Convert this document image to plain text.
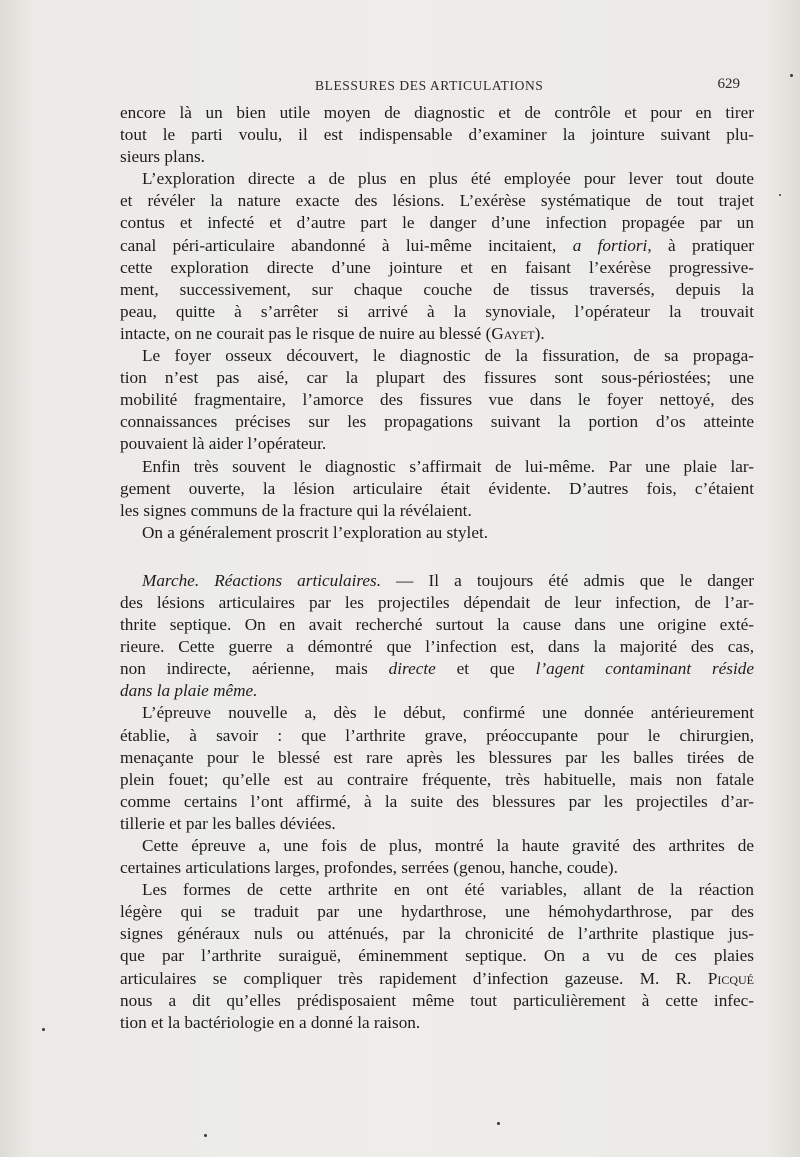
BLESSURES DES ARTICULATIONS	629
encore là un bien utile moyen de diagnostic et de contrôle et pour en tirer
tout le parti voulu, il est indispensable d’examiner la jointure suivant plu-
sieurs plans.
L’exploration directe a de plus en plus été employée pour lever tout doute
et révéler la nature exacte des lésions. L’exérèse systématique de tout trajet
contus et infecté et d’autre part le danger d’une infection propagée par un
canal péri-articulaire abandonné à lui-même incitaient, a fortiori, à pratiquer
cette exploration directe d’une jointure et en faisant l’exérèse progressive-
ment, successivement, sur chaque couche de tissus traversés, depuis la
peau, quitte à s’arrêter si arrivé à la synoviale, l’opérateur la trouvait
intacte, on ne courait pas le risque de nuire au blessé (Gayet).
Le foyer osseux découvert, le diagnostic de la fissuration, de sa propaga-
tion n’est pas aisé, car la plupart des fissures sont sous-périostées; une
mobilité fragmentaire, l’amorce des fissures vue dans le foyer nettoyé, des
connaissances précises sur les propagations suivant la portion d’os atteinte
pouvaient là aider l’opérateur.
Enfin très souvent le diagnostic s’affirmait de lui-même. Par une plaie lar-
gement ouverte, la lésion articulaire était évidente. D’autres fois, c’étaient
les signes communs de la fracture qui la révélaient.
On a généralement proscrit l’exploration au stylet.
Marche. Réactions articulaires. — Il a toujours été admis que le danger
des lésions articulaires par les projectiles dépendait de leur infection, de l’ar-
thrite septique. On en avait recherché surtout la cause dans une origine exté-
rieure. Cette guerre a démontré que l’infection est, dans la majorité des cas,
non indirecte, aérienne, mais directe et que l’agent contaminant réside
dans la plaie même.
L’épreuve nouvelle a, dès le début, confirmé une donnée antérieurement
établie, à savoir : que l’arthrite grave, préoccupante pour le chirurgien,
menaçante pour le blessé est rare après les blessures par les balles tirées de
plein fouet; qu’elle est au contraire fréquente, très habituelle, mais non fatale
comme certains l’ont affirmé, à la suite des blessures par les projectiles d’ar-
tillerie et par les balles déviées.
Cette épreuve a, une fois de plus, montré la haute gravité des arthrites de
certaines articulations larges, profondes, serrées (genou, hanche, coude).
Les formes de cette arthrite en ont été variables, allant de la réaction
légère qui se traduit par une hydarthrose, une hémohydarthrose, par des
signes généraux nuls ou atténués, par la chronicité de l’arthrite plastique jus-
que par l’arthrite suraiguë, éminemment septique. On a vu de ces plaies
articulaires se compliquer très rapidement d’infection gazeuse. M. R. Picqué
nous a dit qu’elles prédisposaient même tout particulièrement à cette infec-
tion et la bactériologie en a donné la raison.
